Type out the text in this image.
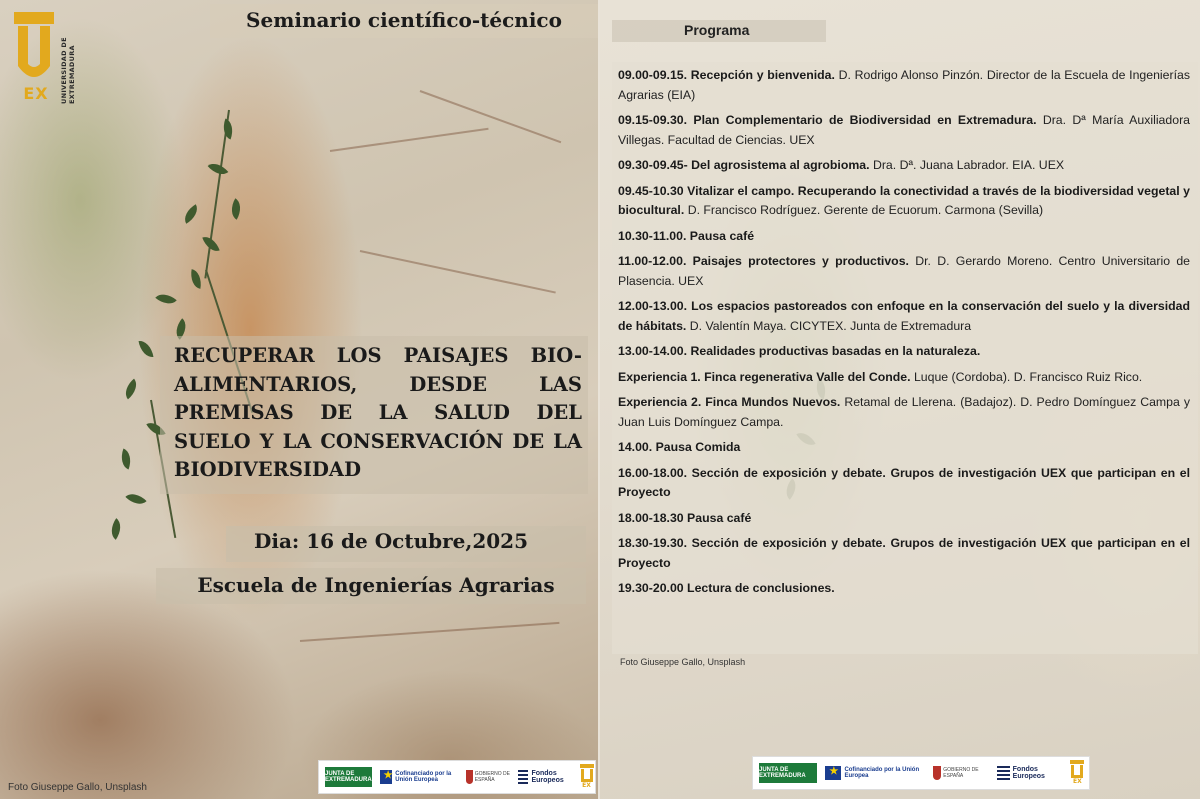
EX	UNIVERSIDAD DE EXTREMADURA
Seminario científico-técnico
RECUPERAR LOS PAISAJES BIO-ALIMENTARIOS, DESDE LAS PREMISAS DE LA SALUD DEL SUELO Y LA CONSERVACIÓN DE LA BIODIVERSIDAD
Dia: 16 de Octubre,2025
Escuela de Ingenierías Agrarias
Foto Giuseppe Gallo, Unsplash
JUNTA DE EXTREMADURA
★
Cofinanciado por la Unión Europea
GOBIERNO DE ESPAÑA
Fondos Europeos
EX
Programa
09.00-09.15. Recepción y bienvenida. D. Rodrigo Alonso Pinzón. Director de la Escuela de Ingenierías Agrarias (EIA)
09.15-09.30. Plan Complementario de Biodiversidad en Extremadura. Dra. Dª María Auxiliadora Villegas. Facultad de Ciencias. UEX
09.30-09.45- Del agrosistema al agrobioma. Dra. Dª. Juana Labrador. EIA. UEX
09.45-10.30 Vitalizar el campo. Recuperando la conectividad a través de la biodiversidad vegetal y biocultural. D. Francisco Rodríguez. Gerente de Ecuorum. Carmona (Sevilla)
10.30-11.00. Pausa café
11.00-12.00. Paisajes protectores y productivos. Dr. D. Gerardo Moreno. Centro Universitario de Plasencia. UEX
12.00-13.00. Los espacios pastoreados con enfoque en la conservación del suelo y la diversidad de hábitats. D. Valentín Maya. CICYTEX. Junta de Extremadura
13.00-14.00. Realidades productivas basadas en la naturaleza.
Experiencia 1. Finca regenerativa Valle del Conde. Luque (Cordoba). D. Francisco Ruiz Rico.
Experiencia 2. Finca Mundos Nuevos. Retamal de Llerena. (Badajoz). D. Pedro Domínguez Campa y Juan Luis Domínguez Campa.
14.00. Pausa Comida
16.00-18.00. Sección de exposición y debate. Grupos de investigación UEX que participan en el Proyecto
18.00-18.30 Pausa café
18.30-19.30. Sección de exposición y debate. Grupos de investigación UEX que participan en el Proyecto
19.30-20.00 Lectura de conclusiones.
Foto Giuseppe Gallo, Unsplash
JUNTA DE EXTREMADURA
★
Cofinanciado por la Unión Europea
GOBIERNO DE ESPAÑA
Fondos Europeos
EX
